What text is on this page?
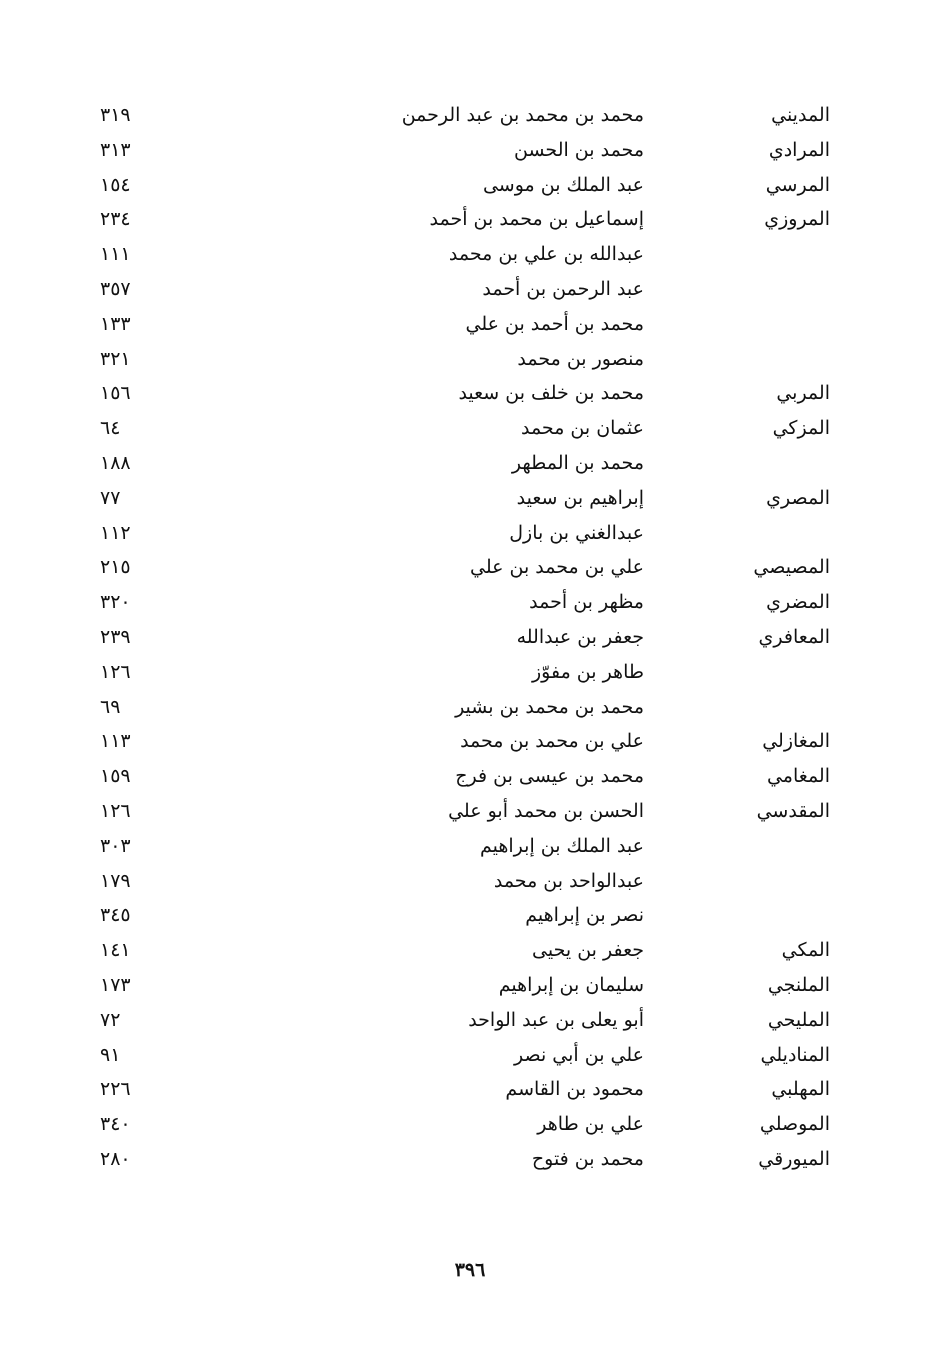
المديني
محمد بن محمد بن عبد الرحمن
٣١٩
المرادي
محمد بن الحسن
٣١٣
المرسي
عبد الملك بن موسى
١٥٤
المروزي
إسماعيل بن محمد بن أحمد
٢٣٤
عبدالله بن علي بن محمد
١١١
عبد الرحمن بن أحمد
٣٥٧
محمد بن أحمد بن علي
١٣٣
منصور بن محمد
٣٢١
المربي
محمد بن خلف بن سعيد
١٥٦
المزكي
عثمان بن محمد
٦٤
محمد بن المطهر
١٨٨
المصري
إبراهيم بن سعيد
٧٧
عبدالغني بن بازل
١١٢
المصيصي
علي بن محمد بن علي
٢١٥
المضري
مظهر بن أحمد
٣٢٠
المعافري
جعفر بن عبدالله
٢٣٩
طاهر بن مفوّز
١٢٦
محمد بن محمد بن بشير
٦٩
المغازلي
علي بن محمد بن محمد
١١٣
المغامي
محمد بن عيسى بن فرج
١٥٩
المقدسي
الحسن بن محمد أبو علي
١٢٦
عبد الملك بن إبراهيم
٣٠٣
عبدالواحد بن محمد
١٧٩
نصر بن إبراهيم
٣٤٥
المكي
جعفر بن يحيى
١٤١
الملنجي
سليمان بن إبراهيم
١٧٣
المليحي
أبو يعلى بن عبد الواحد
٧٢
المناديلي
علي بن أبي نصر
٩١
المهلبي
محمود بن القاسم
٢٢٦
الموصلي
علي بن طاهر
٣٤٠
الميورقي
محمد بن فتوح
٢٨٠
٣٩٦
